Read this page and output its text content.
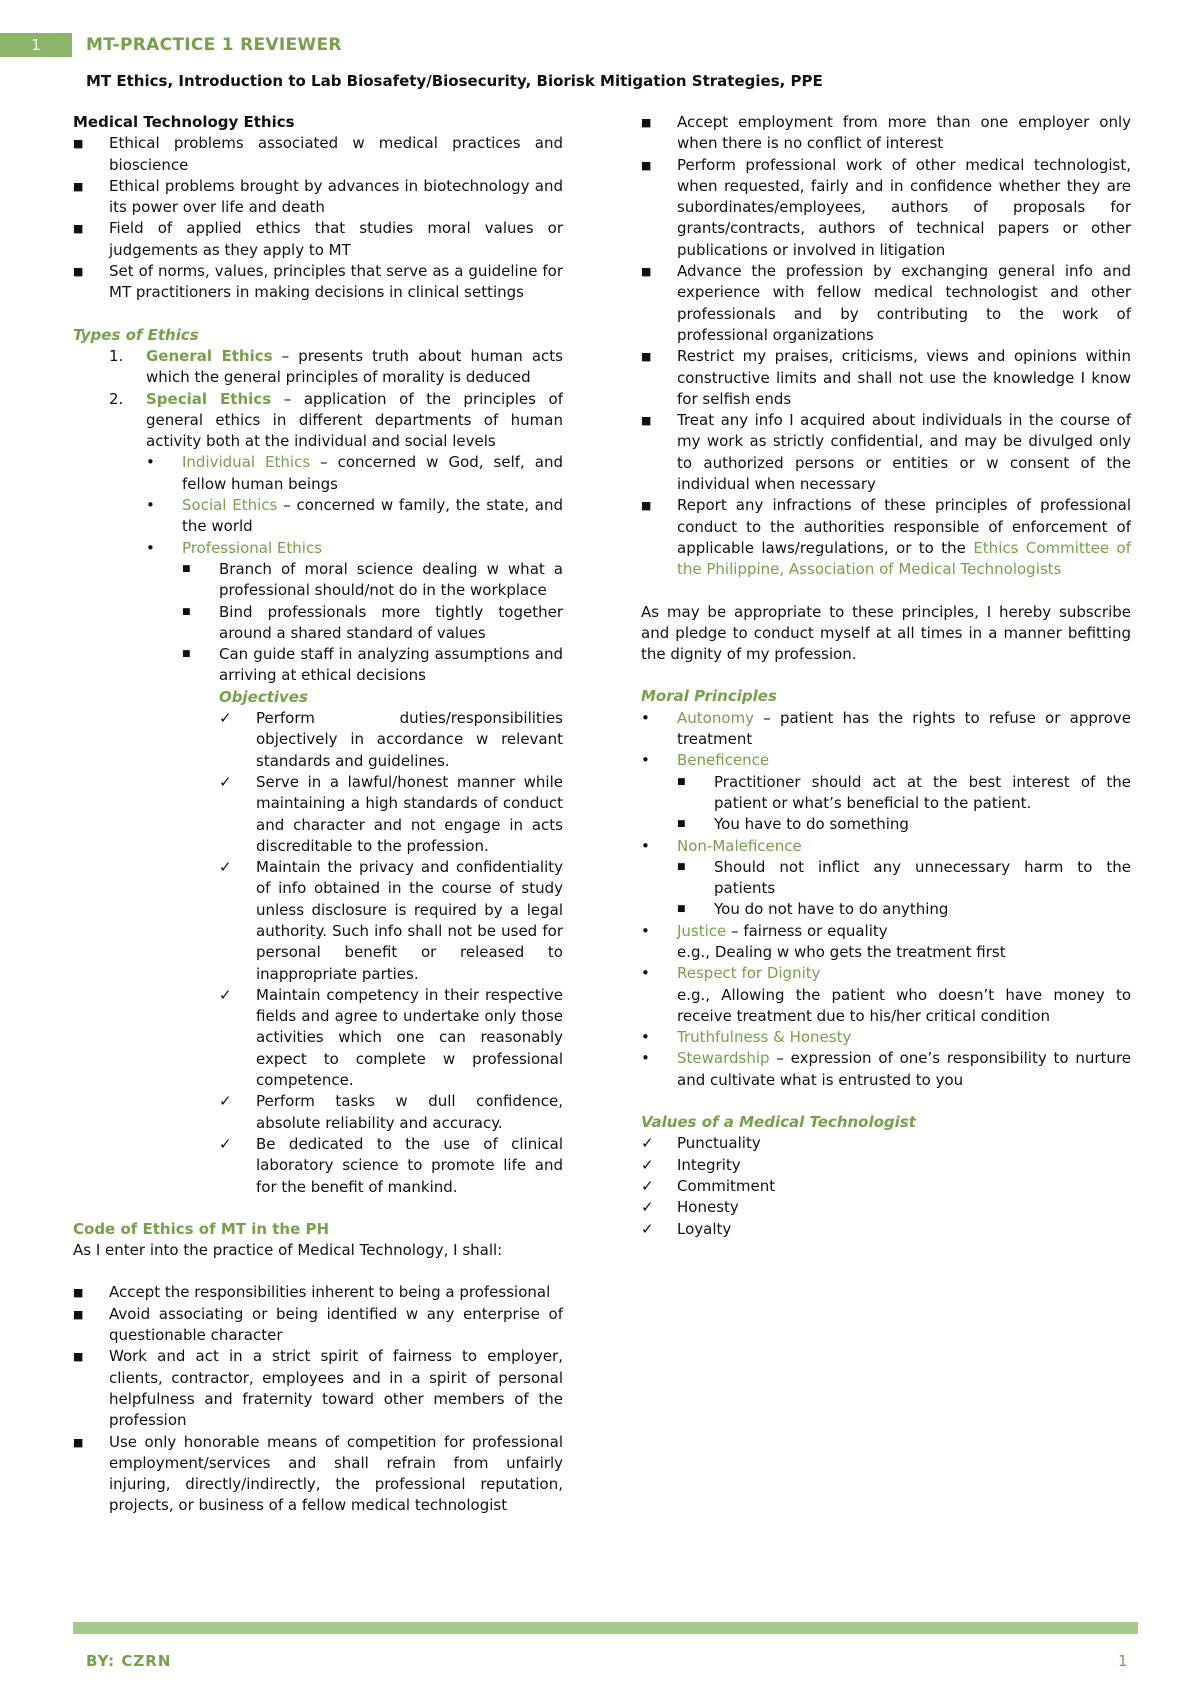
1	MT-PRACTICE 1 REVIEWER
MT Ethics, Introduction to Lab Biosafety/Biosecurity, Biorisk Mitigation Strategies, PPE
Medical Technology Ethics
■ Ethical problems associated w medical practices and bioscience
■ Ethical problems brought by advances in biotechnology and its power over life and death
■ Field of applied ethics that studies moral values or judgements as they apply to MT
■ Set of norms, values, principles that serve as a guideline for MT practitioners in making decisions in clinical settings
Types of Ethics
1. General Ethics – presents truth about human acts which the general principles of morality is deduced
2. Special Ethics – application of the principles of general ethics in different departments of human activity both at the individual and social levels
• Individual Ethics – concerned w God, self, and fellow human beings
• Social Ethics – concerned w family, the state, and the world
• Professional Ethics
■ Branch of moral science dealing w what a professional should/not do in the workplace
■ Bind professionals more tightly together around a shared standard of values
■ Can guide staff in analyzing assumptions and arriving at ethical decisions
Objectives
✓ Perform duties/responsibilities objectively in accordance w relevant standards and guidelines.
✓ Serve in a lawful/honest manner while maintaining a high standards of conduct and character and not engage in acts discreditable to the profession.
✓ Maintain the privacy and confidentiality of info obtained in the course of study unless disclosure is required by a legal authority. Such info shall not be used for personal benefit or released to inappropriate parties.
✓ Maintain competency in their respective fields and agree to undertake only those activities which one can reasonably expect to complete w professional competence.
✓ Perform tasks w dull confidence, absolute reliability and accuracy.
✓ Be dedicated to the use of clinical laboratory science to promote life and for the benefit of mankind.
Code of Ethics of MT in the PH
As I enter into the practice of Medical Technology, I shall:
■ Accept the responsibilities inherent to being a professional
■ Avoid associating or being identified w any enterprise of questionable character
■ Work and act in a strict spirit of fairness to employer, clients, contractor, employees and in a spirit of personal helpfulness and fraternity toward other members of the profession
■ Use only honorable means of competition for professional employment/services and shall refrain from unfairly injuring, directly/indirectly, the professional reputation, projects, or business of a fellow medical technologist
■ Accept employment from more than one employer only when there is no conflict of interest
■ Perform professional work of other medical technologist, when requested, fairly and in confidence whether they are subordinates/employees, authors of proposals for grants/contracts, authors of technical papers or other publications or involved in litigation
■ Advance the profession by exchanging general info and experience with fellow medical technologist and other professionals and by contributing to the work of professional organizations
■ Restrict my praises, criticisms, views and opinions within constructive limits and shall not use the knowledge I know for selfish ends
■ Treat any info I acquired about individuals in the course of my work as strictly confidential, and may be divulged only to authorized persons or entities or w consent of the individual when necessary
■ Report any infractions of these principles of professional conduct to the authorities responsible of enforcement of applicable laws/regulations, or to the Ethics Committee of the Philippine, Association of Medical Technologists
As may be appropriate to these principles, I hereby subscribe and pledge to conduct myself at all times in a manner befitting the dignity of my profession.
Moral Principles
• Autonomy – patient has the rights to refuse or approve treatment
• Beneficence
■ Practitioner should act at the best interest of the patient or what’s beneficial to the patient.
■ You have to do something
• Non-Maleficence
■ Should not inflict any unnecessary harm to the patients
■ You do not have to do anything
• Justice – fairness or equality
e.g., Dealing w who gets the treatment first
• Respect for Dignity
e.g., Allowing the patient who doesn’t have money to receive treatment due to his/her critical condition
• Truthfulness & Honesty
• Stewardship – expression of one’s responsibility to nurture and cultivate what is entrusted to you
Values of a Medical Technologist
✓ Punctuality
✓ Integrity
✓ Commitment
✓ Honesty
✓ Loyalty
BY: CZRN	1
